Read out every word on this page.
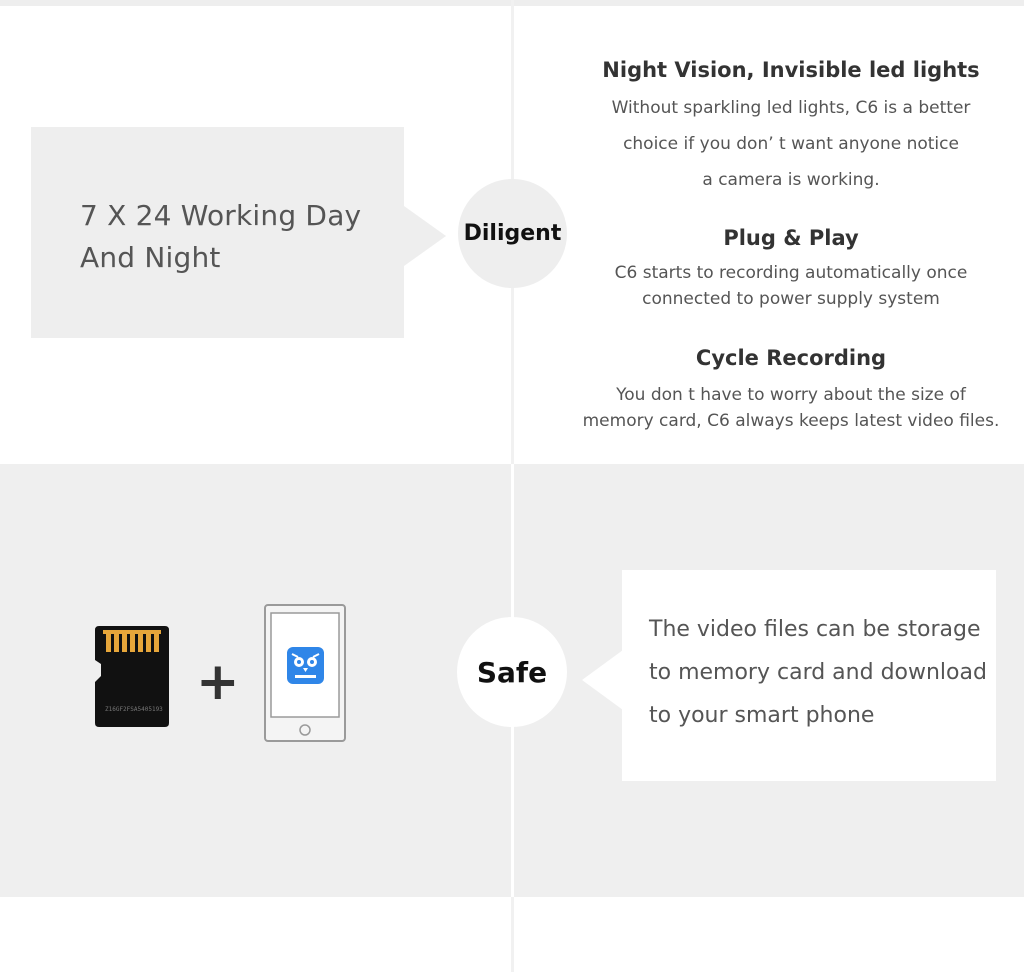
7 X 24 Working Day
And Night
Diligent

Night Vision, Invisible led lights

Without sparkling led lights, C6 is a better

choice if you don’ t want anyone notice

a camera is working.

Plug & Play

C6 starts to recording automatically once

connected to power supply system

Cycle Recording

You don t have to worry about the size of

memory card, C6 always keeps latest video files.

Z16GF2FSA5405193 +	Safe
The video files can be storage
to memory card and download
to your smart phone
